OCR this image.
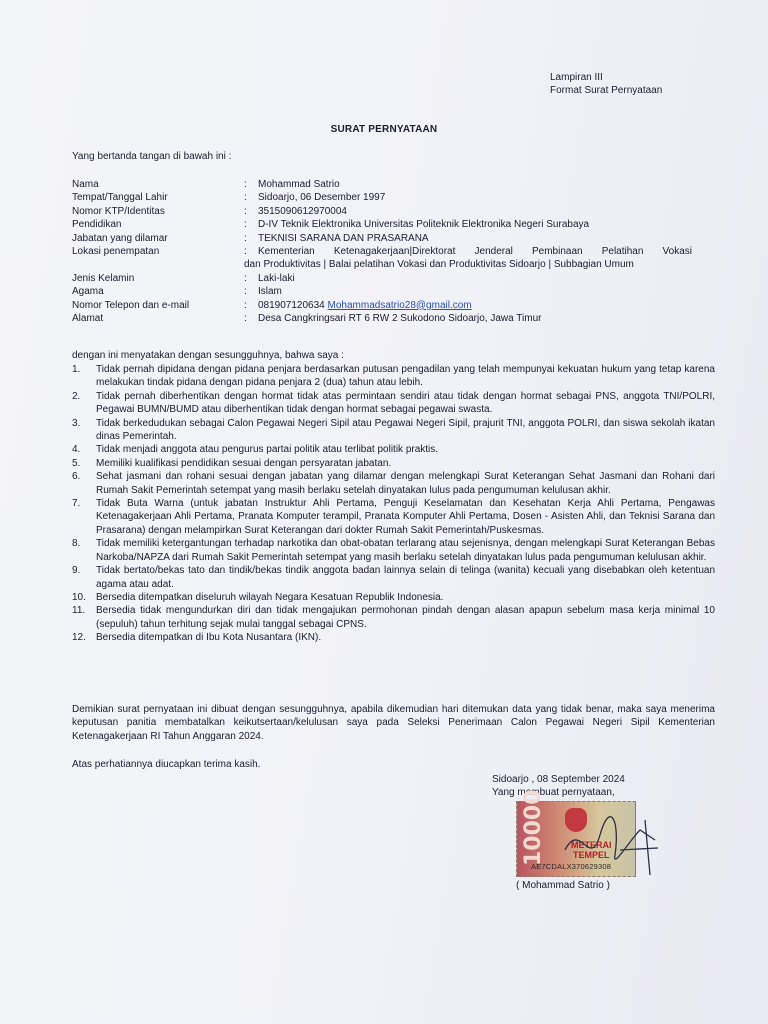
Lampiran III
Format Surat Pernyataan
SURAT PERNYATAAN
Yang bertanda tangan di bawah ini :
Nama	:	Mohammad Satrio
Tempat/Tanggal Lahir	:	Sidoarjo, 06 Desember 1997
Nomor KTP/Identitas	:	3515090612970004
Pendidikan	:	D-IV Teknik Elektronika Universitas Politeknik Elektronika Negeri Surabaya
Jabatan yang dilamar	:	TEKNISI SARANA DAN PRASARANA
Lokasi penempatan	:	Kementerian Ketenagakerjaan|Direktorat Jenderal Pembinaan Pelatihan Vokasi
dan Produktivitas | Balai pelatihan Vokasi dan Produktivitas Sidoarjo | Subbagian Umum
Jenis Kelamin	:	Laki-laki
Agama	:	Islam
Nomor Telepon dan e-mail	:	081907120634 Mohammadsatrio28@gmail.com
Alamat	:	Desa Cangkringsari RT 6 RW 2 Sukodono Sidoarjo, Jawa Timur
dengan ini menyatakan dengan sesungguhnya, bahwa saya :
1.	Tidak pernah dipidana dengan pidana penjara berdasarkan putusan pengadilan yang telah mempunyai kekuatan hukum yang tetap karena melakukan tindak pidana dengan pidana penjara 2 (dua) tahun atau lebih.
2.	Tidak pernah diberhentikan dengan hormat tidak atas permintaan sendiri atau tidak dengan hormat sebagai PNS, anggota TNI/POLRI, Pegawai BUMN/BUMD atau diberhentikan tidak dengan hormat sebagai pegawai swasta.
3.	Tidak berkedudukan sebagai Calon Pegawai Negeri Sipil atau Pegawai Negeri Sipil, prajurit TNI, anggota POLRI, dan siswa sekolah ikatan dinas Pemerintah.
4.	Tidak menjadi anggota atau pengurus partai politik atau terlibat politik praktis.
5.	Memiliki kualifikasi pendidikan sesuai dengan persyaratan jabatan.
6.	Sehat jasmani dan rohani sesuai dengan jabatan yang dilamar dengan melengkapi Surat Keterangan Sehat Jasmani dan Rohani dari Rumah Sakit Pemerintah setempat yang masih berlaku setelah dinyatakan lulus pada pengumuman kelulusan akhir.
7.	Tidak Buta Warna (untuk jabatan Instruktur Ahli Pertama, Penguji Keselamatan dan Kesehatan Kerja Ahli Pertama, Pengawas Ketenagakerjaan Ahli Pertama, Pranata Komputer terampil, Pranata Komputer Ahli Pertama, Dosen - Asisten Ahli, dan Teknisi Sarana dan Prasarana) dengan melampirkan Surat Keterangan dari dokter Rumah Sakit Pemerintah/Puskesmas.
8.	Tidak memiliki ketergantungan terhadap narkotika dan obat-obatan terlarang atau sejenisnya, dengan melengkapi Surat Keterangan Bebas Narkoba/NAPZA dari Rumah Sakit Pemerintah setempat yang masih berlaku setelah dinyatakan lulus pada pengumuman kelulusan akhir.
9.	Tidak bertato/bekas tato dan tindik/bekas tindik anggota badan lainnya selain di telinga (wanita) kecuali yang disebabkan oleh ketentuan agama atau adat.
10.	Bersedia ditempatkan diseluruh wilayah Negara Kesatuan Republik Indonesia.
11.	Bersedia tidak mengundurkan diri dan tidak mengajukan permohonan pindah dengan alasan apapun sebelum masa kerja minimal 10 (sepuluh) tahun terhitung sejak mulai tanggal sebagai CPNS.
12.	Bersedia ditempatkan di Ibu Kota Nusantara (IKN).
Demikian surat pernyataan ini dibuat dengan sesungguhnya, apabila dikemudian hari ditemukan data yang tidak benar, maka saya menerima keputusan panitia membatalkan keikutsertaan/kelulusan saya pada Seleksi Penerimaan Calon Pegawai Negeri Sipil Kementerian Ketenagakerjaan RI Tahun Anggaran 2024.
Atas perhatiannya diucapkan terima kasih.
Sidoarjo , 08 September 2024
Yang membuat pernyataan,
10000	METERAI
TEMPEL
AE7CDALX370629308
( Mohammad Satrio )
